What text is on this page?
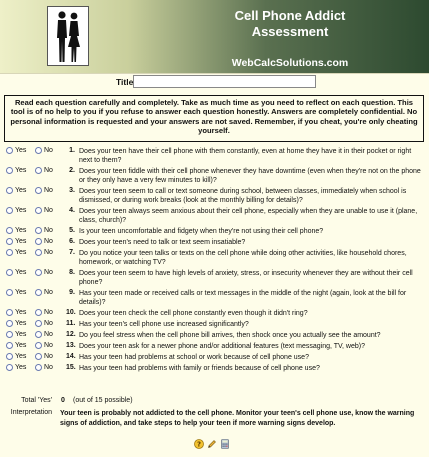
Cell Phone Addict
Assessment
WebCalcSolutions.com
Title
Read each question carefully and completely. Take as much time as you need to reflect on each question. This tool is of no help to you if you refuse to answer each question honestly. Answers are completely confidential. No personal information is requested and your answers are not saved. Remember, if you cheat, you're only cheating yourself.
Yes	No	1. Does your teen have their cell phone with them constantly, even at home they have it in their pocket or right next to them?
Yes	No	2. Does your teen fiddle with their cell phone whenever they have downtime (even when they're not on the phone or they only have a very few minutes to kill)?
Yes	No	3. Does your teen seem to call or text someone during school, between classes, immediately when school is dismissed, or during work breaks (look at the monthly billing for details)?
Yes	No	4. Does your teen always seem anxious about their cell phone, especially when they are unable to use it (plane, class, church)?
Yes	No	5. Is your teen uncomfortable and fidgety when they're not using their cell phone?
Yes	No	6. Does your teen's need to talk or text seem insatiable?
Yes	No	7. Do you notice your teen talks or texts on the cell phone while doing other activities, like household chores, homework, or watching TV?
Yes	No	8. Does your teen seem to have high levels of anxiety, stress, or insecurity whenever they are without their cell phone?
Yes	No	9. Has your teen made or received calls or text messages in the middle of the night (again, look at the bill for details)?
Yes	No 10. Does your teen check the cell phone constantly even though it didn't ring?
Yes	No 11. Has your teen's cell phone use increased significantly?
Yes	No 12. Do you feel stress when the cell phone bill arrives, then shock once you actually see the amount?
Yes	No 13. Does your teen ask for a newer phone and/or additional features (text messaging, TV, web)?
Yes	No 14. Has your teen had problems at school or work because of cell phone use?
Yes	No 15. Has your teen had problems with family or friends because of cell phone use?
Total 'Yes' 0 (out of 15 possible)
Interpretation Your teen is probably not addicted to the cell phone. Monitor your teen's cell phone use, know the warning signs of addiction, and take steps to help your teen if more warning signs develop.
?
